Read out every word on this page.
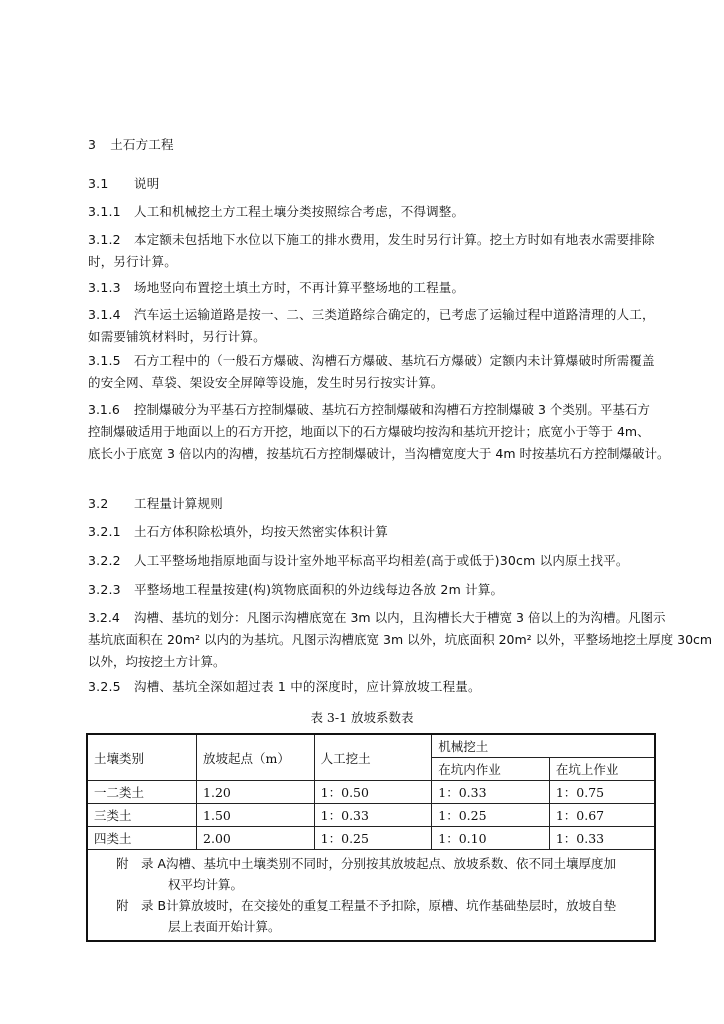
3 土石方工程
3.1 说明
3.1.1 人工和机械挖土方工程土壤分类按照综合考虑，不得调整。
3.1.2 本定额未包括地下水位以下施工的排水费用，发生时另行计算。挖土方时如有地表水需要排除
时，另行计算。
3.1.3 场地竖向布置挖土填土方时，不再计算平整场地的工程量。
3.1.4 汽车运土运输道路是按一、二、三类道路综合确定的，已考虑了运输过程中道路清理的人工，
如需要铺筑材料时，另行计算。
3.1.5 石方工程中的（一般石方爆破、沟槽石方爆破、基坑石方爆破）定额内未计算爆破时所需覆盖
的安全网、草袋、架设安全屏障等设施，发生时另行按实计算。
3.1.6 控制爆破分为平基石方控制爆破、基坑石方控制爆破和沟槽石方控制爆破 3 个类别。平基石方
控制爆破适用于地面以上的石方开挖，地面以下的石方爆破均按沟和基坑开挖计；底宽小于等于 4m、
底长小于底宽 3 倍以内的沟槽，按基坑石方控制爆破计，当沟槽宽度大于 4m 时按基坑石方控制爆破计。
3.2 工程量计算规则
3.2.1 土石方体积除松填外，均按天然密实体积计算
3.2.2 人工平整场地指原地面与设计室外地平标高平均相差(高于或低于)30cm 以内原土找平。
3.2.3 平整场地工程量按建(构)筑物底面积的外边线每边各放 2m 计算。
3.2.4 沟槽、基坑的划分：凡图示沟槽底宽在 3m 以内，且沟槽长大于槽宽 3 倍以上的为沟槽。凡图示
基坑底面积在 20m² 以内的为基坑。凡图示沟槽底宽 3m 以外，坑底面积 20m² 以外，平整场地挖土厚度 30cm
以外，均按挖土方计算。
3.2.5 沟槽、基坑全深如超过表 1 中的深度时，应计算放坡工程量。
表 3-1 放坡系数表
土壤类别	放坡起点（m）	人工挖土	机械挖土	
			在坑内作业	在坑上作业
一二类土	1.20	1：0.50	1：0.33	1：0.75
三类土	1.50	1：0.33	1：0.25	1：0.67
四类土	2.00	1：0.25	1：0.10	1：0.33

附　录 A沟槽、基坑中土壤类别不同时，分别按其放坡起点、放坡系数、依不同土壤厚度加
权平均计算。
附　录 B计算放坡时，在交接处的重复工程量不予扣除，原槽、坑作基础垫层时，放坡自垫
层上表面开始计算。				
